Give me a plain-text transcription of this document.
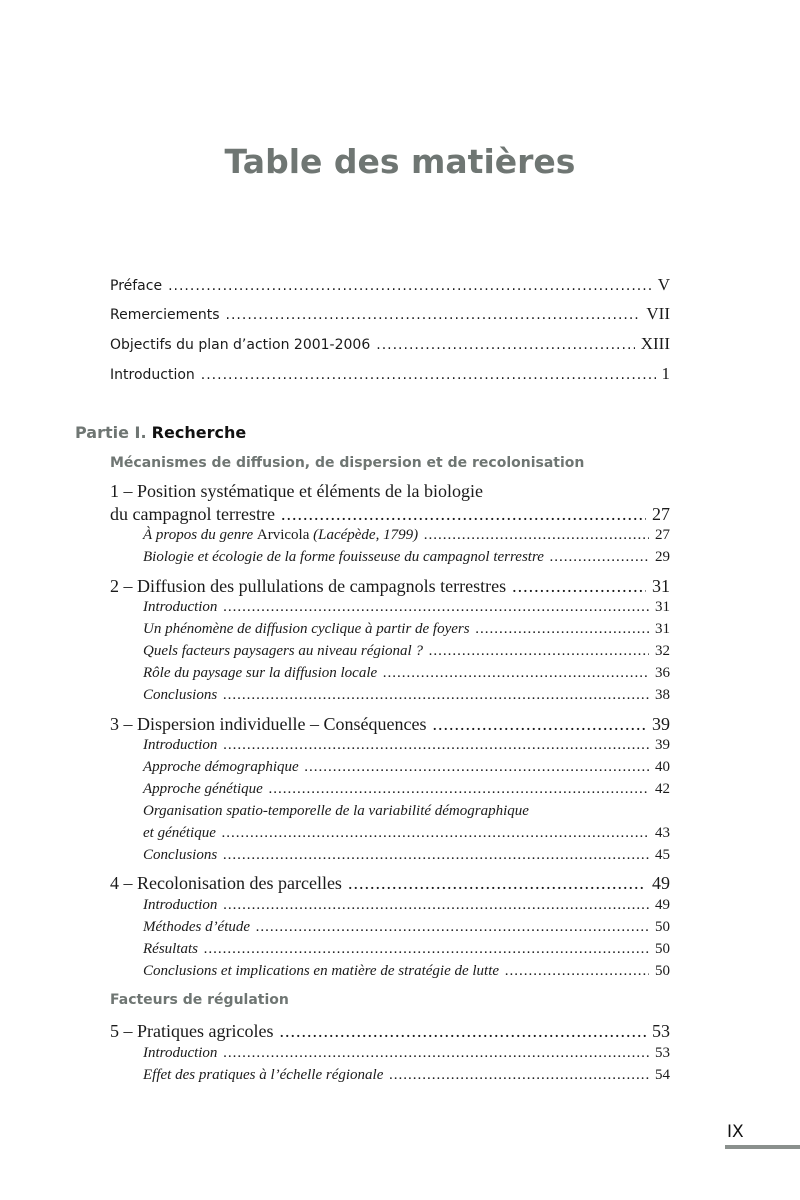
Table des matières
Préface .....	V
Remerciements .....	VII
Objectifs du plan d’action 2001-2006 .....	XIII
Introduction .....	1
Partie I. Recherche
Mécanismes de diffusion, de dispersion et de recolonisation
1 – Position systématique et éléments de la biologie
du campagnol terrestre .....	27
À propos du genre Arvicola (Lacépède, 1799) .....	27
Biologie et écologie de la forme fouisseuse du campagnol terrestre .....	29
2 – Diffusion des pullulations de campagnols terrestres .....	31
Introduction .....	31
Un phénomène de diffusion cyclique à partir de foyers .....	31
Quels facteurs paysagers au niveau régional ? .....	32
Rôle du paysage sur la diffusion locale .....	36
Conclusions .....	38
3 – Dispersion individuelle – Conséquences .....	39
Introduction .....	39
Approche démographique .....	40
Approche génétique .....	42
Organisation spatio-temporelle de la variabilité démographique
et génétique .....	43
Conclusions .....	45
4 – Recolonisation des parcelles .....	49
Introduction .....	49
Méthodes d’étude .....	50
Résultats .....	50
Conclusions et implications en matière de stratégie de lutte .....	50
Facteurs de régulation
5 – Pratiques agricoles .....	53
Introduction .....	53
Effet des pratiques à l’échelle régionale .....	54
IX
